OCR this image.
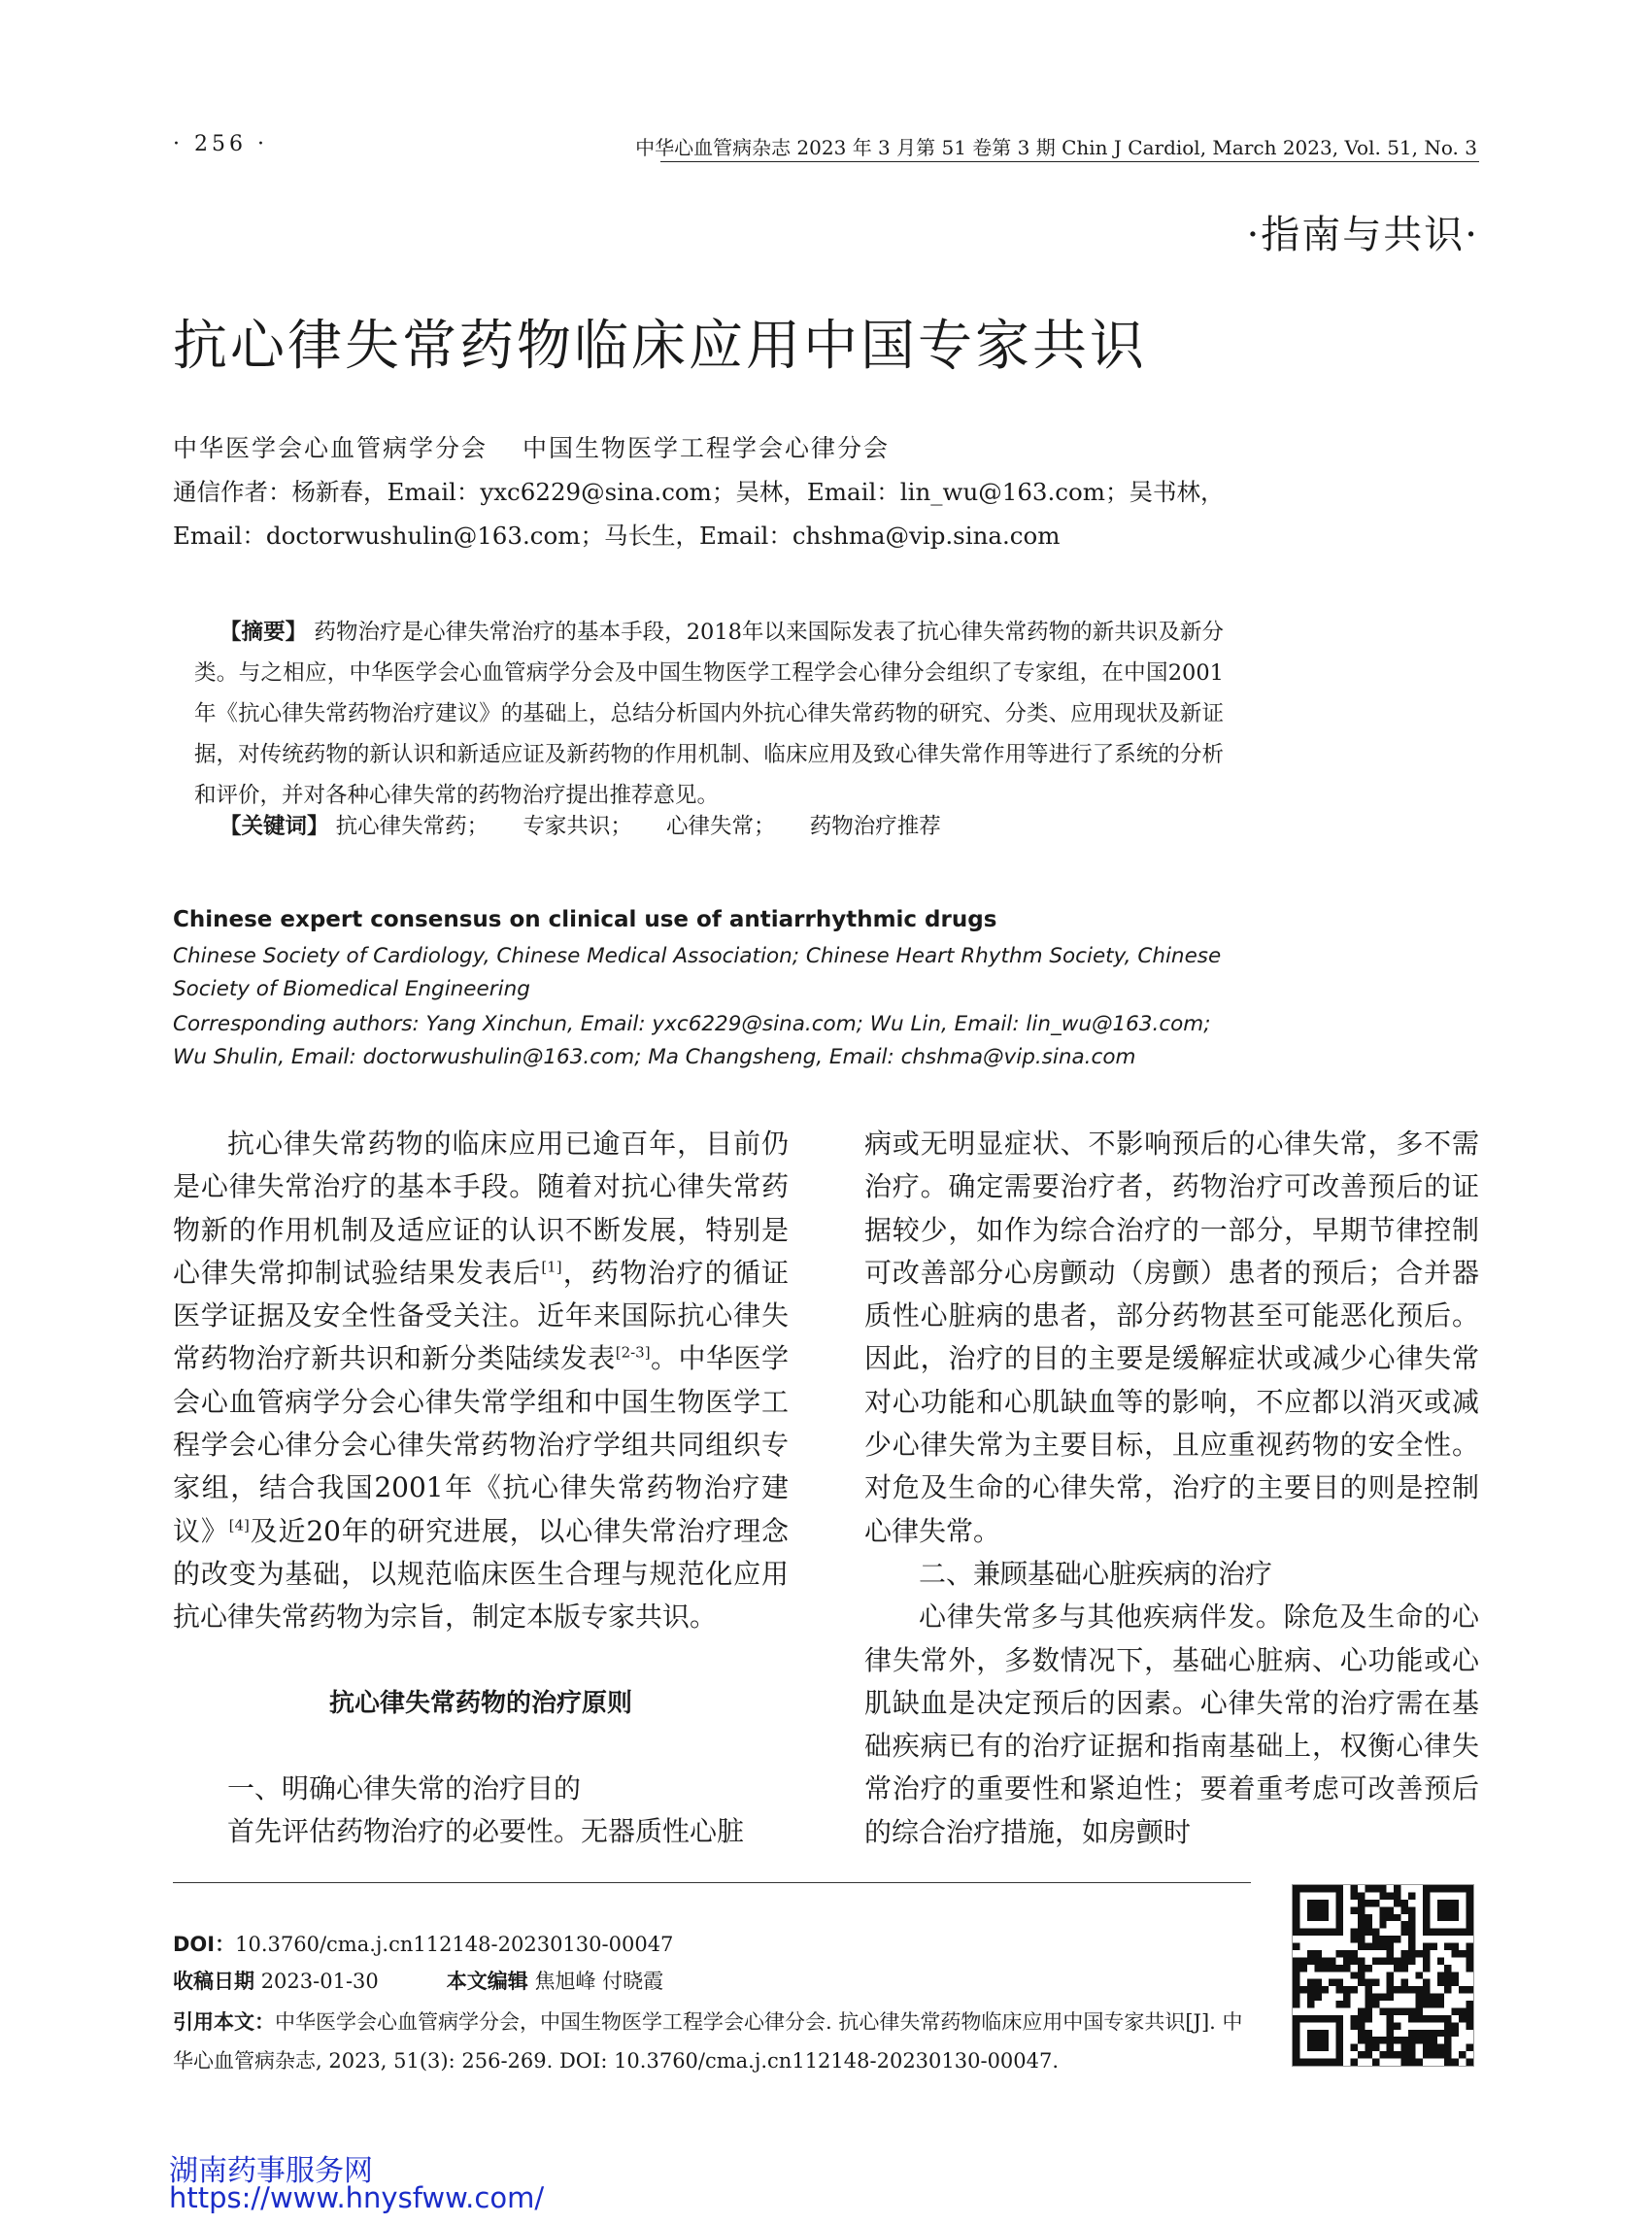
· 256 ·	中华心血管病杂志 2023 年 3 月第 51 卷第 3 期 Chin J Cardiol, March 2023, Vol. 51, No. 3
·指南与共识·
抗心律失常药物临床应用中国专家共识
中华医学会心血管病学分会 中国生物医学工程学会心律分会
通信作者：杨新春，Email：yxc6229@sina.com；吴林，Email：lin_wu@163.com；吴书林，
Email：doctorwushulin@163.com；马长生，Email：chshma@vip.sina.com
【摘要】 药物治疗是心律失常治疗的基本手段，2018年以来国际发表了抗心律失常药物的新共识及新分类。与之相应，中华医学会心血管病学分会及中国生物医学工程学会心律分会组织了专家组，在中国2001年《抗心律失常药物治疗建议》的基础上，总结分析国内外抗心律失常药物的研究、分类、应用现状及新证据，对传统药物的新认识和新适应证及新药物的作用机制、临床应用及致心律失常作用等进行了系统的分析和评价，并对各种心律失常的药物治疗提出推荐意见。
【关键词】 抗心律失常药； 专家共识； 心律失常； 药物治疗推荐
Chinese expert consensus on clinical use of antiarrhythmic drugs
Chinese Society of Cardiology, Chinese Medical Association; Chinese Heart Rhythm Society, Chinese Society of Biomedical Engineering
Corresponding authors: Yang Xinchun, Email: yxc6229@sina.com; Wu Lin, Email: lin_wu@163.com; Wu Shulin, Email: doctorwushulin@163.com; Ma Changsheng, Email: chshma@vip.sina.com

抗心律失常药物的临床应用已逾百年，目前仍是心律失常治疗的基本手段。随着对抗心律失常药物新的作用机制及适应证的认识不断发展，特别是心律失常抑制试验结果发表后[1]，药物治疗的循证医学证据及安全性备受关注。近年来国际抗心律失常药物治疗新共识和新分类陆续发表[2-3]。中华医学会心血管病学分会心律失常学组和中国生物医学工程学会心律分会心律失常药物治疗学组共同组织专家组，结合我国2001年《抗心律失常药物治疗建议》[4]及近20年的研究进展，以心律失常治疗理念的改变为基础，以规范临床医生合理与规范化应用抗心律失常药物为宗旨，制定本版专家共识。

抗心律失常药物的治疗原则

一、明确心律失常的治疗目的

首先评估药物治疗的必要性。无器质性心脏

病或无明显症状、不影响预后的心律失常，多不需治疗。确定需要治疗者，药物治疗可改善预后的证据较少，如作为综合治疗的一部分，早期节律控制可改善部分心房颤动（房颤）患者的预后；合并器质性心脏病的患者，部分药物甚至可能恶化预后。因此，治疗的目的主要是缓解症状或减少心律失常对心功能和心肌缺血等的影响，不应都以消灭或减少心律失常为主要目标，且应重视药物的安全性。对危及生命的心律失常，治疗的主要目的则是控制心律失常。

二、兼顾基础心脏疾病的治疗

心律失常多与其他疾病伴发。除危及生命的心律失常外，多数情况下，基础心脏病、心功能或心肌缺血是决定预后的因素。心律失常的治疗需在基础疾病已有的治疗证据和指南基础上，权衡心律失常治疗的重要性和紧迫性；要着重考虑可改善预后的综合治疗措施，如房颤时

DOI：10.3760/cma.j.cn112148-20230130-00047
收稿日期 2023-01-30	本文编辑 焦旭峰 付晓霞
引用本文：中华医学会心血管病学分会，中国生物医学工程学会心律分会. 抗心律失常药物临床应用中国专家共识[J]. 中华心血管病杂志, 2023, 51(3): 256-269. DOI: 10.3760/cma.j.cn112148-20230130-00047.
湖南药事服务网
https://www.hnysfww.com/
